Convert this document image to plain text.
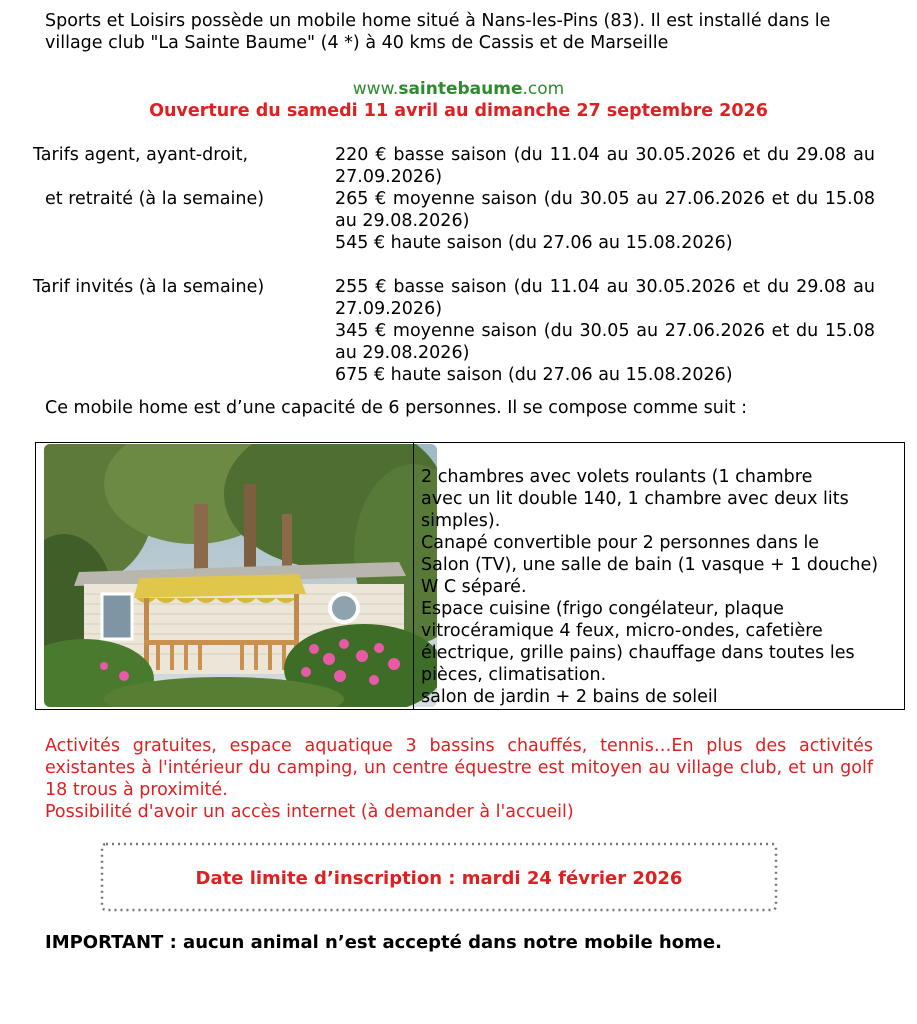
Sports et Loisirs possède un mobile home situé à Nans-les-Pins (83). Il est installé dans le
village club "La Sainte Baume" (4 *) à 40 kms de Cassis et de Marseille
www.saintebaume.com
Ouverture du samedi 11 avril au dimanche 27 septembre 2026
Tarifs agent, ayant-droit,
et retraité (à la semaine)
220 € basse saison (du 11.04 au 30.05.2026 et du 29.08 au 27.09.2026)
265 € moyenne saison (du 30.05 au 27.06.2026 et du 15.08 au 29.08.2026)
545 € haute saison (du 27.06 au 15.08.2026)
Tarif invités (à la semaine)	255 € basse saison (du 11.04 au 30.05.2026 et du 29.08 au 27.09.2026)
345 € moyenne saison (du 30.05 au 27.06.2026 et du 15.08 au 29.08.2026)
675 € haute saison (du 27.06 au 15.08.2026)
Ce mobile home est d’une capacité de 6 personnes. Il se compose comme suit :
2 chambres avec volets roulants (1 chambre
avec un lit double 140, 1 chambre avec deux lits
simples).
Canapé convertible pour 2 personnes dans le
Salon (TV), une salle de bain (1 vasque + 1 douche)
W C séparé.
Espace cuisine (frigo congélateur, plaque
vitrocéramique 4 feux, micro-ondes, cafetière
électrique, grille pains) chauffage dans toutes les
pièces, climatisation.
salon de jardin + 2 bains de soleil
Activités gratuites, espace aquatique 3 bassins chauffés, tennis…En plus des activités existantes à l'intérieur du camping, un centre équestre est mitoyen au village club, et un golf 18 trous à proximité.
Possibilité d'avoir un accès internet (à demander à l'accueil)
Date limite d’inscription : mardi 24 février 2026
IMPORTANT : aucun animal n’est accepté dans notre mobile home.
